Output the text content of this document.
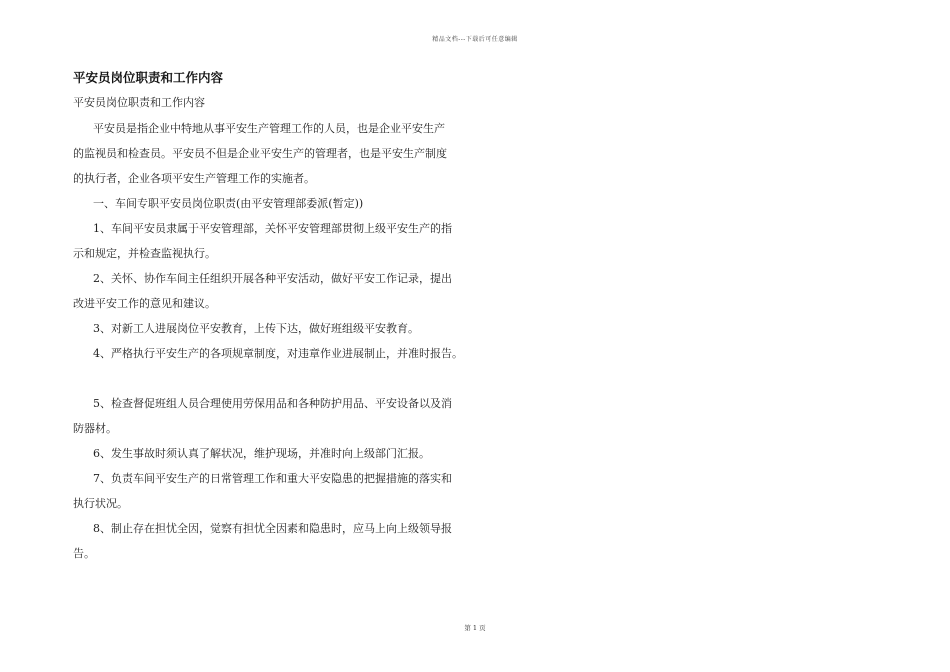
精品文档---下载后可任意编辑
平安员岗位职责和工作内容
平安员岗位职责和工作内容
平安员是指企业中特地从事平安生产管理工作的人员，也是企业平安生产
的监视员和检查员。平安员不但是企业平安生产的管理者，也是平安生产制度
的执行者，企业各项平安生产管理工作的实施者。
一、车间专职平安员岗位职责(由平安管理部委派(暂定))
1、车间平安员隶属于平安管理部，关怀平安管理部贯彻上级平安生产的指
示和规定，并检查监视执行。
2、关怀、协作车间主任组织开展各种平安活动，做好平安工作记录，提出
改进平安工作的意见和建议。
3、对新工人进展岗位平安教育，上传下达，做好班组级平安教育。
4、严格执行平安生产的各项规章制度，对违章作业进展制止，并准时报告。
5、检查督促班组人员合理使用劳保用品和各种防护用品、平安设备以及消
防器材。
6、发生事故时须认真了解状况，维护现场，并准时向上级部门汇报。
7、负责车间平安生产的日常管理工作和重大平安隐患的把握措施的落实和
执行状况。
8、制止存在担忧全因，觉察有担忧全因素和隐患时，应马上向上级领导报
告。
第 1 页
